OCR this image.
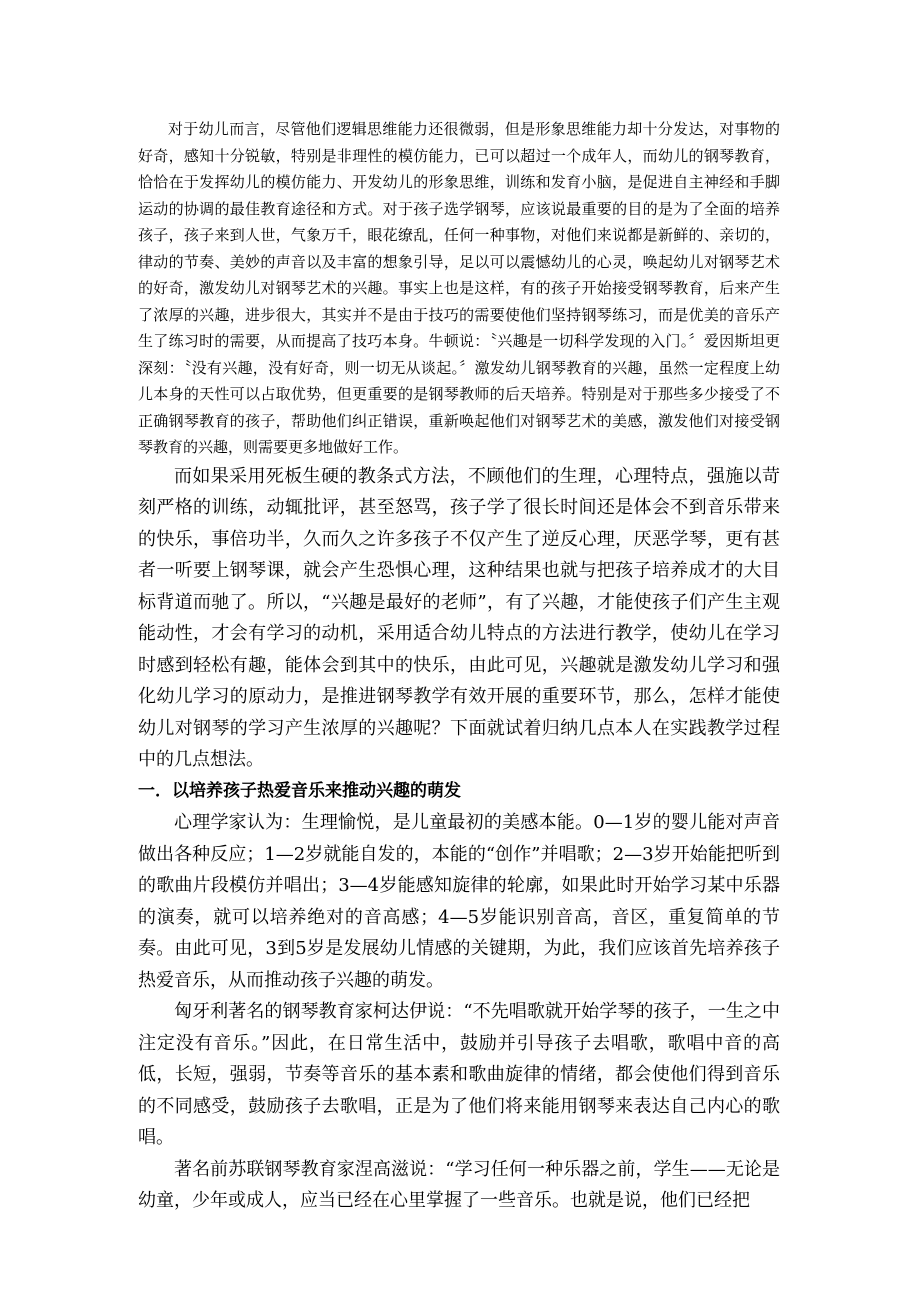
对于幼儿而言，尽管他们逻辑思维能力还很微弱，但是形象思维能力却十分发达，对事物的好奇，感知十分锐敏，特别是非理性的模仿能力，已可以超过一个成年人，而幼儿的钢琴教育，恰恰在于发挥幼儿的模仿能力、开发幼儿的形象思维，训练和发育小脑，是促进自主神经和手脚运动的协调的最佳教育途径和方式。对于孩子选学钢琴，应该说最重要的目的是为了全面的培养孩子，孩子来到人世，气象万千，眼花缭乱，任何一种事物，对他们来说都是新鲜的、亲切的，律动的节奏、美妙的声音以及丰富的想象引导，足以可以震憾幼儿的心灵，唤起幼儿对钢琴艺术的好奇，激发幼儿对钢琴艺术的兴趣。事实上也是这样，有的孩子开始接受钢琴教育，后来产生了浓厚的兴趣，进步很大，其实并不是由于技巧的需要使他们坚持钢琴练习，而是优美的音乐产生了练习时的需要，从而提高了技巧本身。牛顿说：〝兴趣是一切科学发现的入门。〞爱因斯坦更深刻：〝没有兴趣，没有好奇，则一切无从谈起。〞激发幼儿钢琴教育的兴趣，虽然一定程度上幼儿本身的天性可以占取优势，但更重要的是钢琴教师的后天培养。特别是对于那些多少接受了不正确钢琴教育的孩子，帮助他们纠正错误，重新唤起他们对钢琴艺术的美感，激发他们对接受钢琴教育的兴趣，则需要更多地做好工作。

而如果采用死板生硬的教条式方法，不顾他们的生理，心理特点，强施以苛刻严格的训练，动辄批评，甚至怒骂，孩子学了很长时间还是体会不到音乐带来的快乐，事倍功半，久而久之许多孩子不仅产生了逆反心理，厌恶学琴，更有甚者一听要上钢琴课，就会产生恐惧心理，这种结果也就与把孩子培养成才的大目标背道而驰了。所以，“兴趣是最好的老师”，有了兴趣，才能使孩子们产生主观能动性，才会有学习的动机，采用适合幼儿特点的方法进行教学，使幼儿在学习时感到轻松有趣，能体会到其中的快乐，由此可见，兴趣就是激发幼儿学习和强化幼儿学习的原动力，是推进钢琴教学有效开展的重要环节，那么，怎样才能使幼儿对钢琴的学习产生浓厚的兴趣呢？下面就试着归纳几点本人在实践教学过程中的几点想法。

一．以培养孩子热爱音乐来推动兴趣的萌发

心理学家认为：生理愉悦，是儿童最初的美感本能。0—1岁的婴儿能对声音做出各种反应；1—2岁就能自发的，本能的“创作”并唱歌；2—3岁开始能把听到的歌曲片段模仿并唱出；3—4岁能感知旋律的轮廓，如果此时开始学习某中乐器的演奏，就可以培养绝对的音高感；4—5岁能识别音高，音区，重复简单的节奏。由此可见，3到5岁是发展幼儿情感的关键期，为此，我们应该首先培养孩子热爱音乐，从而推动孩子兴趣的萌发。

匈牙利著名的钢琴教育家柯达伊说：“不先唱歌就开始学琴的孩子，一生之中注定没有音乐。”因此，在日常生活中，鼓励并引导孩子去唱歌，歌唱中音的高低，长短，强弱，节奏等音乐的基本素和歌曲旋律的情绪，都会使他们得到音乐的不同感受，鼓励孩子去歌唱，正是为了他们将来能用钢琴来表达自己内心的歌唱。

著名前苏联钢琴教育家涅高滋说：“学习任何一种乐器之前，学生——无论是幼童，少年或成人，应当已经在心里掌握了一些音乐。也就是说，他们已经把
